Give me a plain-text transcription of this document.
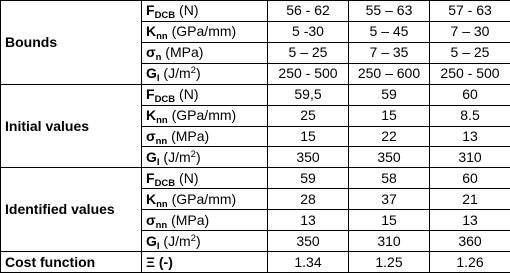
Bounds	$F_{DCB}$ (N)	56 - 62	55 – 63	57 - 63
	$K_{nn}$ (GPa/mm)	5 -30	5 – 45	7 – 30
	$\sigma_n$ (MPa)	5 – 25	7 – 35	5 – 25
	$G_I$ $(J/m^2)$	250 - 500	250 – 600	250 - 500
Initial values	$F_{DCB}$ (N)	59,5	59	60
	$K_{nn}$ (GPa/mm)	25	15	8.5
	$\sigma_{nn}$ (MPa)	15	22	13
	$G_I$ $(J/m^2)$	350	350	310
Identified values	$F_{DCB}$ (N)	59	58	60
	$K_{nn}$ (GPa/mm)	28	37	21
	$\sigma_{nn}$ (MPa)	13	15	13
	$G_I$ $(J/m^2)$	350	310	360
Cost function	Ξ (-)	1.34	1.25	1.26
